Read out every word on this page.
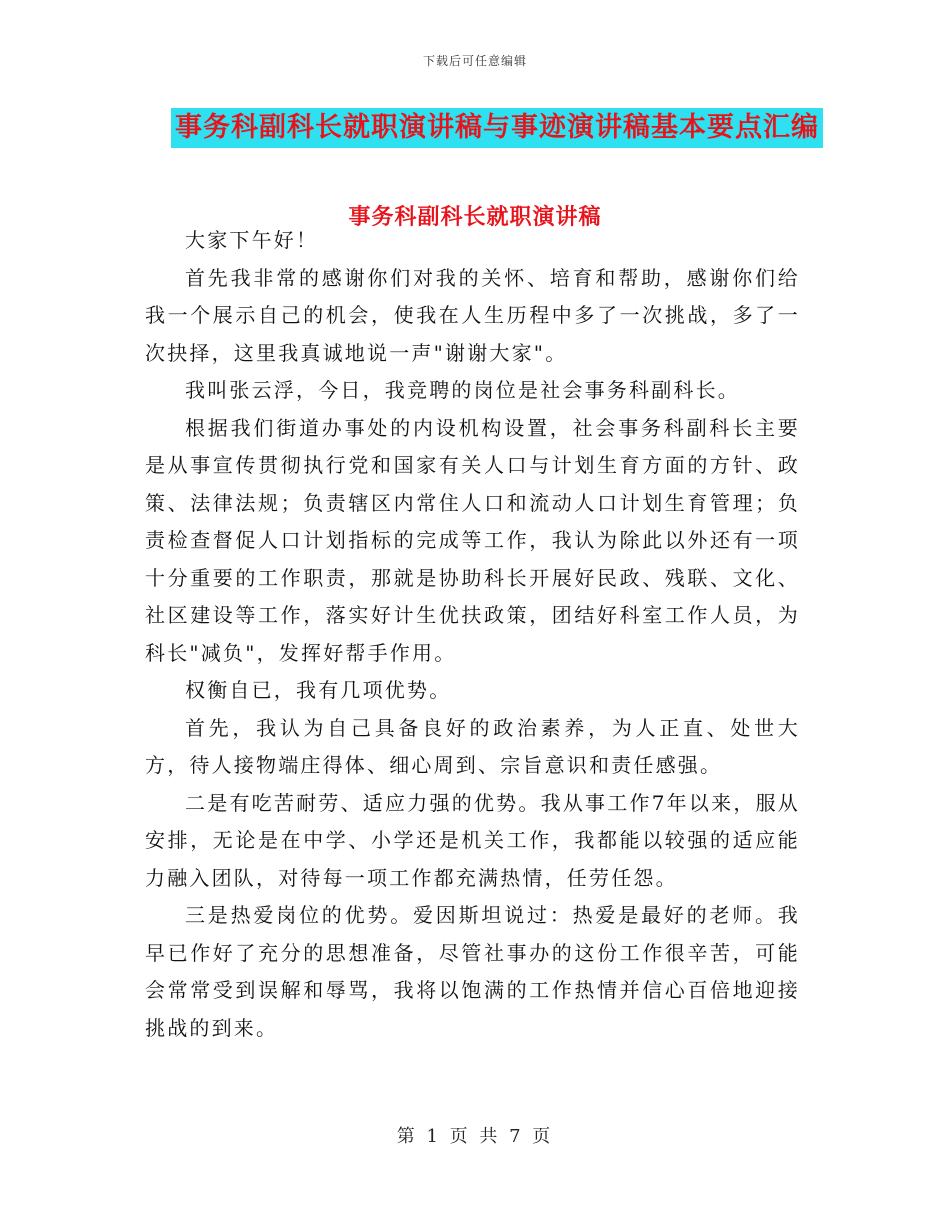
下载后可任意编辑
事务科副科长就职演讲稿与事迹演讲稿基本要点汇编
事务科副科长就职演讲稿

大家下午好！

首先我非常的感谢你们对我的关怀、培育和帮助，感谢你们给我一个展示自己的机会，使我在人生历程中多了一次挑战，多了一次抉择，这里我真诚地说一声"谢谢大家"。

我叫张云浮，今日，我竞聘的岗位是社会事务科副科长。

根据我们街道办事处的内设机构设置，社会事务科副科长主要是从事宣传贯彻执行党和国家有关人口与计划生育方面的方针、政策、法律法规；负责辖区内常住人口和流动人口计划生育管理；负责检查督促人口计划指标的完成等工作，我认为除此以外还有一项十分重要的工作职责，那就是协助科长开展好民政、残联、文化、社区建设等工作，落实好计生优扶政策，团结好科室工作人员，为科长"减负"，发挥好帮手作用。

权衡自已，我有几项优势。

首先，我认为自己具备良好的政治素养，为人正直、处世大方，待人接物端庄得体、细心周到、宗旨意识和责任感强。

二是有吃苦耐劳、适应力强的优势。我从事工作7年以来，服从安排，无论是在中学、小学还是机关工作，我都能以较强的适应能力融入团队，对待每一项工作都充满热情，任劳任怨。

三是热爱岗位的优势。爱因斯坦说过：热爱是最好的老师。我早已作好了充分的思想准备，尽管社事办的这份工作很辛苦，可能会常常受到误解和辱骂，我将以饱满的工作热情并信心百倍地迎接挑战的到来。

第 1 页 共 7 页
